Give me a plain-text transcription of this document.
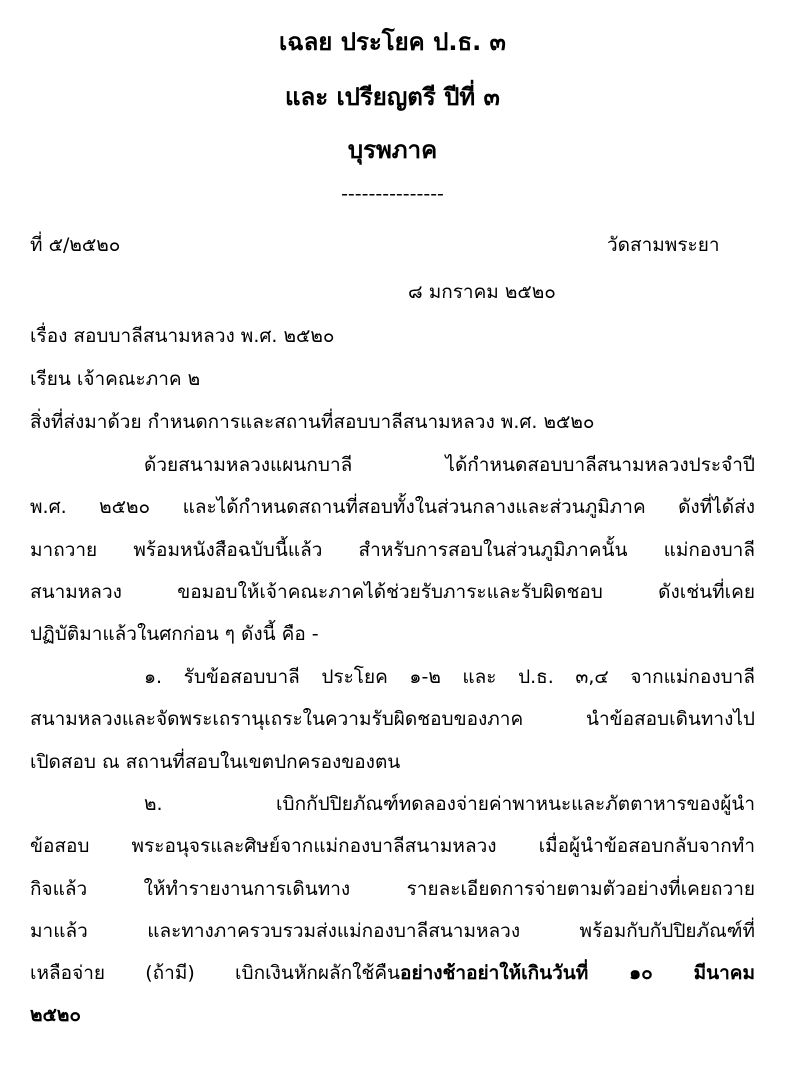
เฉลย ประโยค ป.ธ. ๓
และ เปรียญตรี ปีที่ ๓
บุรพภาค
---------------
ที่ ๕/๒๕๒๐	วัดสามพระยา
๘ มกราคม ๒๕๒๐
เรื่อง สอบบาลีสนามหลวง พ.ศ. ๒๕๒๐
เรียน เจ้าคณะภาค ๒
สิ่งที่ส่งมาด้วย กำหนดการและสถานที่สอบบาลีสนามหลวง พ.ศ. ๒๕๒๐
ด้วยสนามหลวงแผนกบาลี ได้กำหนดสอบบาลีสนามหลวงประจำปี
พ.ศ. ๒๕๒๐ และได้กำหนดสถานที่สอบทั้งในส่วนกลางและส่วนภูมิภาค ดังที่ได้ส่ง
มาถวาย พร้อมหนังสือฉบับนี้แล้ว สำหรับการสอบในส่วนภูมิภาคนั้น แม่กองบาลี
สนามหลวง ขอมอบให้เจ้าคณะภาคได้ช่วยรับภาระและรับผิดชอบ ดังเช่นที่เคย
ปฏิบัติมาแล้วในศกก่อน ๆ ดังนี้ คือ -
๑. รับข้อสอบบาลี ประโยค ๑-๒ และ ป.ธ. ๓,๔ จากแม่กองบาลี
สนามหลวงและจัดพระเถรานุเถระในความรับผิดชอบของภาค นำข้อสอบเดินทางไป
เปิดสอบ ณ สถานที่สอบในเขตปกครองของตน
๒. เบิกกัปปิยภัณฑ์ทดลองจ่ายค่าพาหนะและภัตตาหารของผู้นำ
ข้อสอบ พระอนุจรและศิษย์จากแม่กองบาลีสนามหลวง เมื่อผู้นำข้อสอบกลับจากทำ
กิจแล้ว ให้ทำรายงานการเดินทาง รายละเอียดการจ่ายตามตัวอย่างที่เคยถวาย
มาแล้ว และทางภาครวบรวมส่งแม่กองบาลีสนามหลวง พร้อมกับกัปปิยภัณฑ์ที่
เหลือจ่าย (ถ้ามี) เบิกเงินหักผลักใช้คืนอย่างช้าอย่าให้เกินวันที่ ๑๐ มีนาคม
๒๕๒๐
